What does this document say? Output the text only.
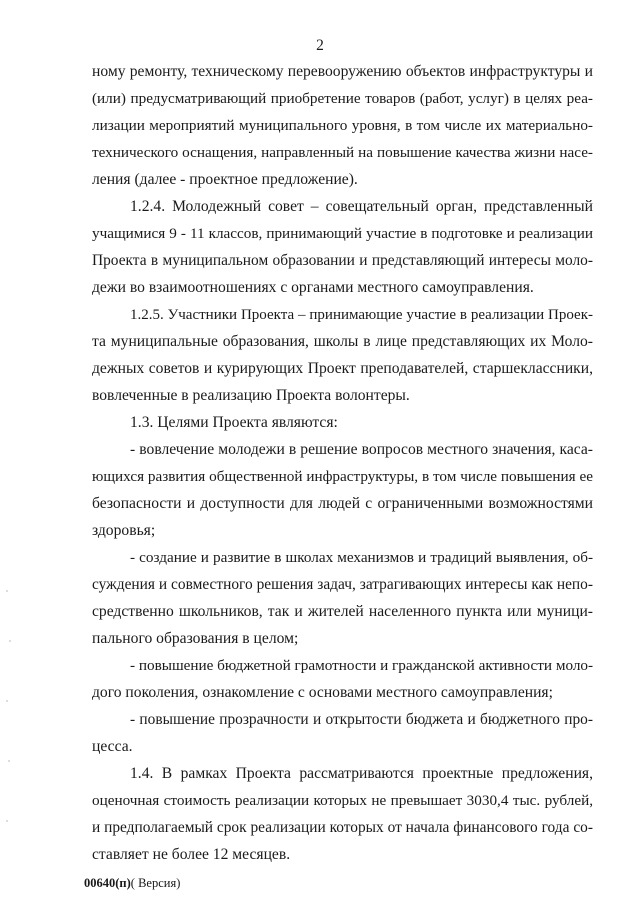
2
ному ремонту, техническому перевооружению объектов инфраструктуры и
(или) предусматривающий приобретение товаров (работ, услуг) в целях реа-
лизации мероприятий муниципального уровня, в том числе их материально-
технического оснащения, направленный на повышение качества жизни насе-
ления (далее - проектное предложение).
1.2.4. Молодежный совет – совещательный орган, представленный
учащимися 9 - 11 классов, принимающий участие в подготовке и реализации
Проекта в муниципальном образовании и представляющий интересы моло-
дежи во взаимоотношениях с органами местного самоуправления.
1.2.5. Участники Проекта – принимающие участие в реализации Проек-
та муниципальные образования, школы в лице представляющих их Моло-
дежных советов и курирующих Проект преподавателей, старшеклассники,
вовлеченные в реализацию Проекта волонтеры.
1.3. Целями Проекта являются:
- вовлечение молодежи в решение вопросов местного значения, каса-
ющихся развития общественной инфраструктуры, в том числе повышения ее
безопасности и доступности для людей с ограниченными возможностями
здоровья;
- создание и развитие в школах механизмов и традиций выявления, об-
суждения и совместного решения задач, затрагивающих интересы как непо-
средственно школьников, так и жителей населенного пункта или муници-
пального образования в целом;
- повышение бюджетной грамотности и гражданской активности моло-
дого поколения, ознакомление с основами местного самоуправления;
- повышение прозрачности и открытости бюджета и бюджетного про-
цесса.
1.4. В рамках Проекта рассматриваются проектные предложения,
оценочная стоимость реализации которых не превышает 3030,4 тыс. рублей,
и предполагаемый срок реализации которых от начала финансового года со-
ставляет не более 12 месяцев.
00640(п)( Версия)
